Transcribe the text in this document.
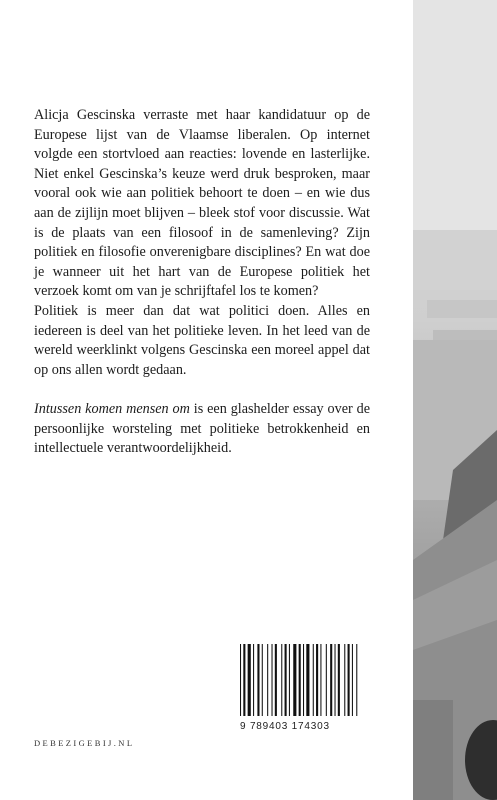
Alicja Gescinska verraste met haar kandidatuur op de Europese lijst van de Vlaamse liberalen. Op internet volgde een stortvloed aan reacties: lovende en lasterlijke. Niet enkel Gescinska’s keuze werd druk besproken, maar vooral ook wie aan politiek behoort te doen – en wie dus aan de zijlijn moet blijven – bleek stof voor discussie. Wat is de plaats van een filosoof in de samenleving? Zijn politiek en filosofie onverenigbare disciplines? En wat doe je wanneer uit het hart van de Europese politiek het verzoek komt om van je schrijftafel los te komen?

Politiek is meer dan dat wat politici doen. Alles en iedereen is deel van het politieke leven. In het leed van de wereld weerklinkt volgens Gescinska een moreel appel dat op ons allen wordt gedaan.

Intussen komen mensen om is een glashelder essay over de persoonlijke worsteling met politieke betrokkenheid en intellectuele verantwoordelijkheid.

9 789403 174303
DEBEZIGEBIJ.NL
